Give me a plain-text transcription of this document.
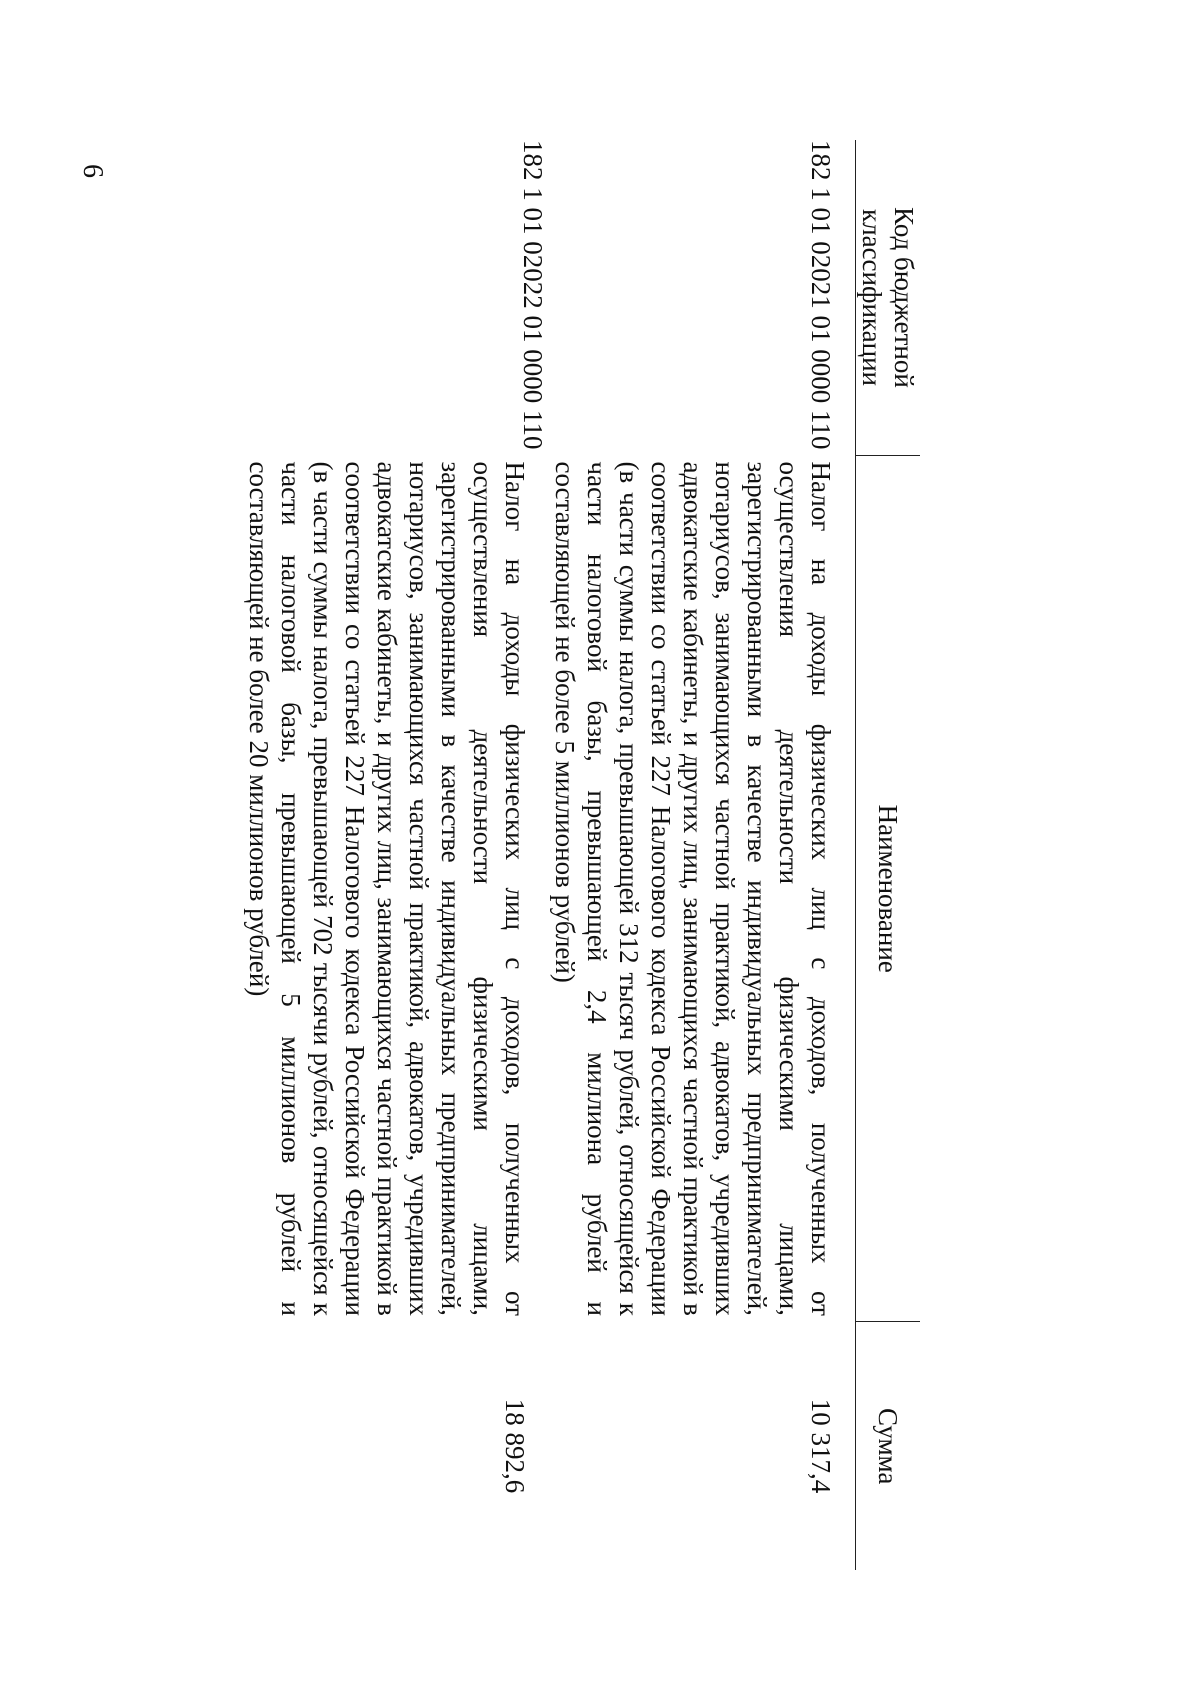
6
Код бюджетной классификации	Наименование	Сумма
182 1 01 02021 01 0000 110	Налог на доходы физических лиц с доходов, полученных от осуществления деятельности физическими лицами, зарегистрированными в качестве индивидуальных предпринимателей, нотариусов, занимающихся частной практикой, адвокатов, учредивших адвокатские кабинеты, и других лиц, занимающихся частной практикой в соответствии со статьей 227 Налогового кодекса Российской Федерации (в части суммы налога, превышающей 312 тысяч рублей, относящейся к части налоговой базы, превышающей 2,4 миллиона рублей и составляющей не более 5 миллионов рублей)	10 317,4
182 1 01 02022 01 0000 110	Налог на доходы физических лиц с доходов, полученных от осуществления деятельности физическими лицами, зарегистрированными в качестве индивидуальных предпринимателей, нотариусов, занимающихся частной практикой, адвокатов, учредивших адвокатские кабинеты, и других лиц, занимающихся частной практикой в соответствии со статьей 227 Налогового кодекса Российской Федерации (в части суммы налога, превышающей 702 тысячи рублей, относящейся к части налоговой базы, превышающей 5 миллионов рублей и составляющей не более 20 миллионов рублей)	18 892,6
